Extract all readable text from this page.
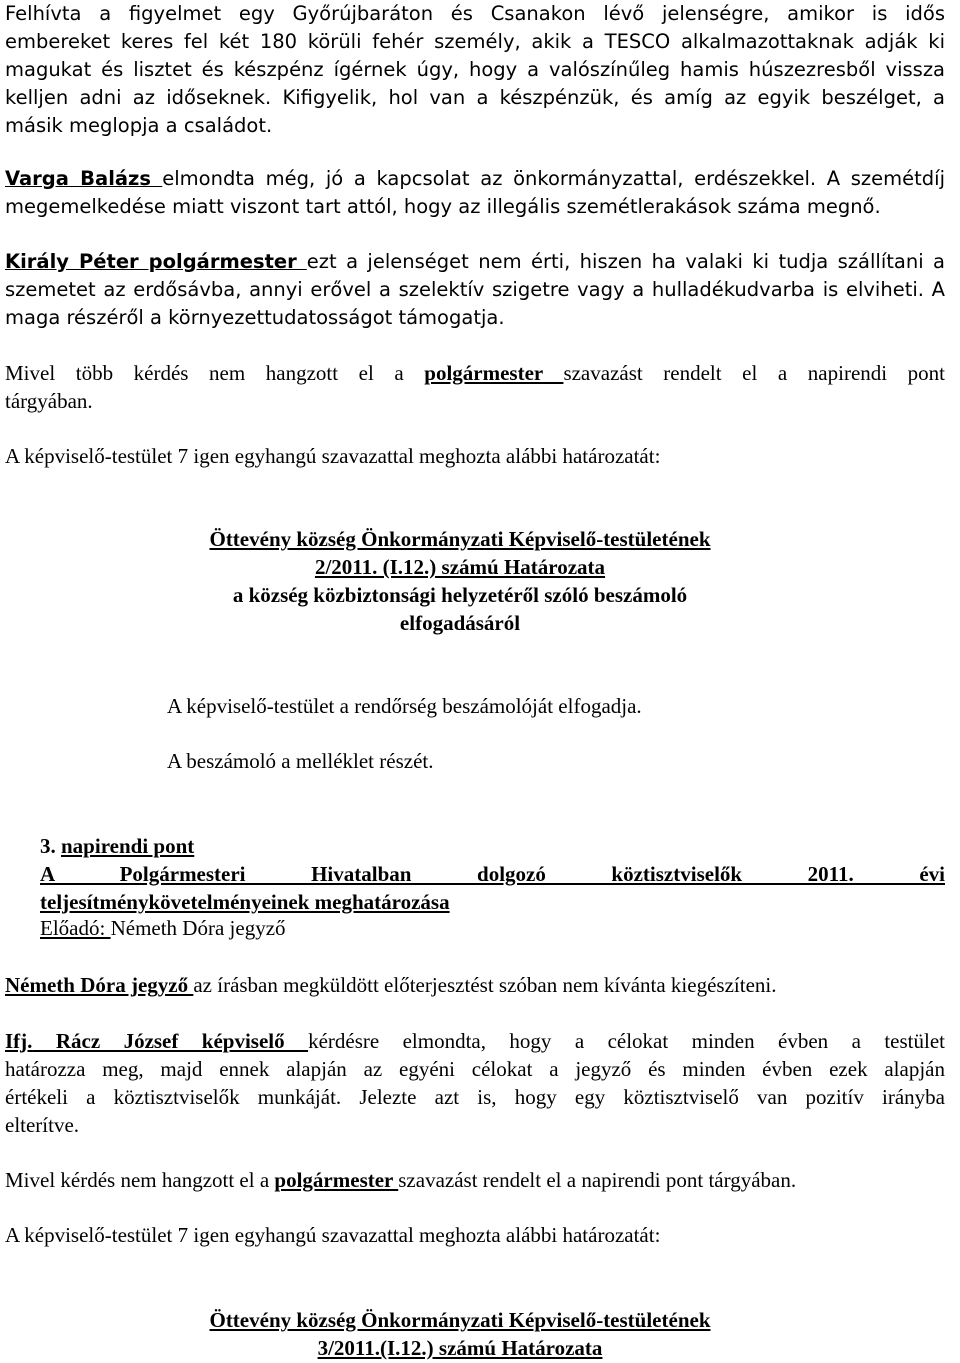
Felhívta a figyelmet egy Győrújbaráton és Csanakon lévő jelenségre, amikor is idős
embereket keres fel két 180 körüli fehér személy, akik a TESCO alkalmazottaknak adják ki
magukat és lisztet és készpénz ígérnek úgy, hogy a valószínűleg hamis húszezresből vissza
kelljen adni az időseknek. Kifigyelik, hol van a készpénzük, és amíg az egyik beszélget, a
másik meglopja a családot.
Varga Balázs elmondta még, jó a kapcsolat az önkormányzattal, erdészekkel. A szemétdíj
megemelkedése miatt viszont tart attól, hogy az illegális szemétlerakások száma megnő.
Király Péter polgármester ezt a jelenséget nem érti, hiszen ha valaki ki tudja szállítani a
szemetet az erdősávba, annyi erővel a szelektív szigetre vagy a hulladékudvarba is elviheti. A
maga részéről a környezettudatosságot támogatja.
Mivel több kérdés nem hangzott el a polgármester szavazást rendelt el a napirendi pont
tárgyában.
A képviselő-testület 7 igen egyhangú szavazattal meghozta alábbi határozatát:
Öttevény község Önkormányzati Képviselő-testületének
2/2011. (I.12.) számú Határozata
a község közbiztonsági helyzetéről szóló beszámoló
elfogadásáról
A képviselő-testület a rendőrség beszámolóját elfogadja.
A beszámoló a melléklet részét.
3. napirendi pont
A Polgármesteri Hivatalban dolgozó köztisztviselők 2011. évi
teljesítménykövetelményeinek meghatározása
Előadó: Németh Dóra jegyző
Németh Dóra jegyző az írásban megküldött előterjesztést szóban nem kívánta kiegészíteni.
Ifj. Rácz József képviselő kérdésre elmondta, hogy a célokat minden évben a testület
határozza meg, majd ennek alapján az egyéni célokat a jegyző és minden évben ezek alapján
értékeli a köztisztviselők munkáját. Jelezte azt is, hogy egy köztisztviselő van pozitív irányba
elterítve.
Mivel kérdés nem hangzott el a polgármester szavazást rendelt el a napirendi pont tárgyában.
A képviselő-testület 7 igen egyhangú szavazattal meghozta alábbi határozatát:
Öttevény község Önkormányzati Képviselő-testületének
3/2011.(I.12.) számú Határozata
